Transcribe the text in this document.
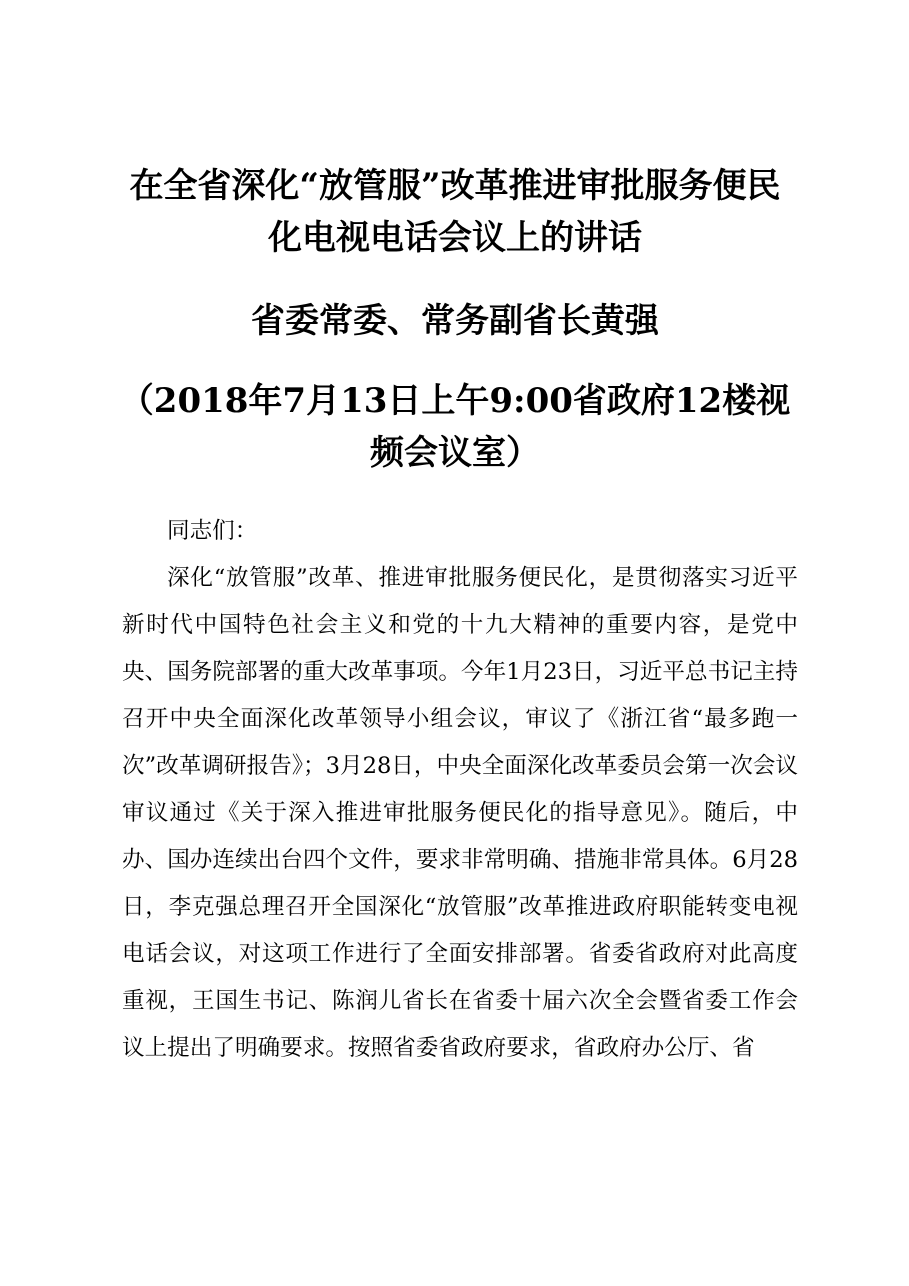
在全省深化“放管服”改革推进审批服务便民
化电视电话会议上的讲话
省委常委、常务副省长黄强
（2018年7月13日上午9:00省政府12楼视
频会议室）
同志们：

深化“放管服”改革、推进审批服务便民化，是贯彻落实习近平新时代中国特色社会主义和党的十九大精神的重要内容，是党中央、国务院部署的重大改革事项。今年1月23日，习近平总书记主持召开中央全面深化改革领导小组会议，审议了《浙江省“最多跑一次”改革调研报告》；3月28日，中央全面深化改革委员会第一次会议审议通过《关于深入推进审批服务便民化的指导意见》。随后，中办、国办连续出台四个文件，要求非常明确、措施非常具体。6月28日，李克强总理召开全国深化“放管服”改革推进政府职能转变电视电话会议，对这项工作进行了全面安排部署。省委省政府对此高度重视，王国生书记、陈润儿省长在省委十届六次全会暨省委工作会议上提出了明确要求。按照省委省政府要求，省政府办公厅、省
